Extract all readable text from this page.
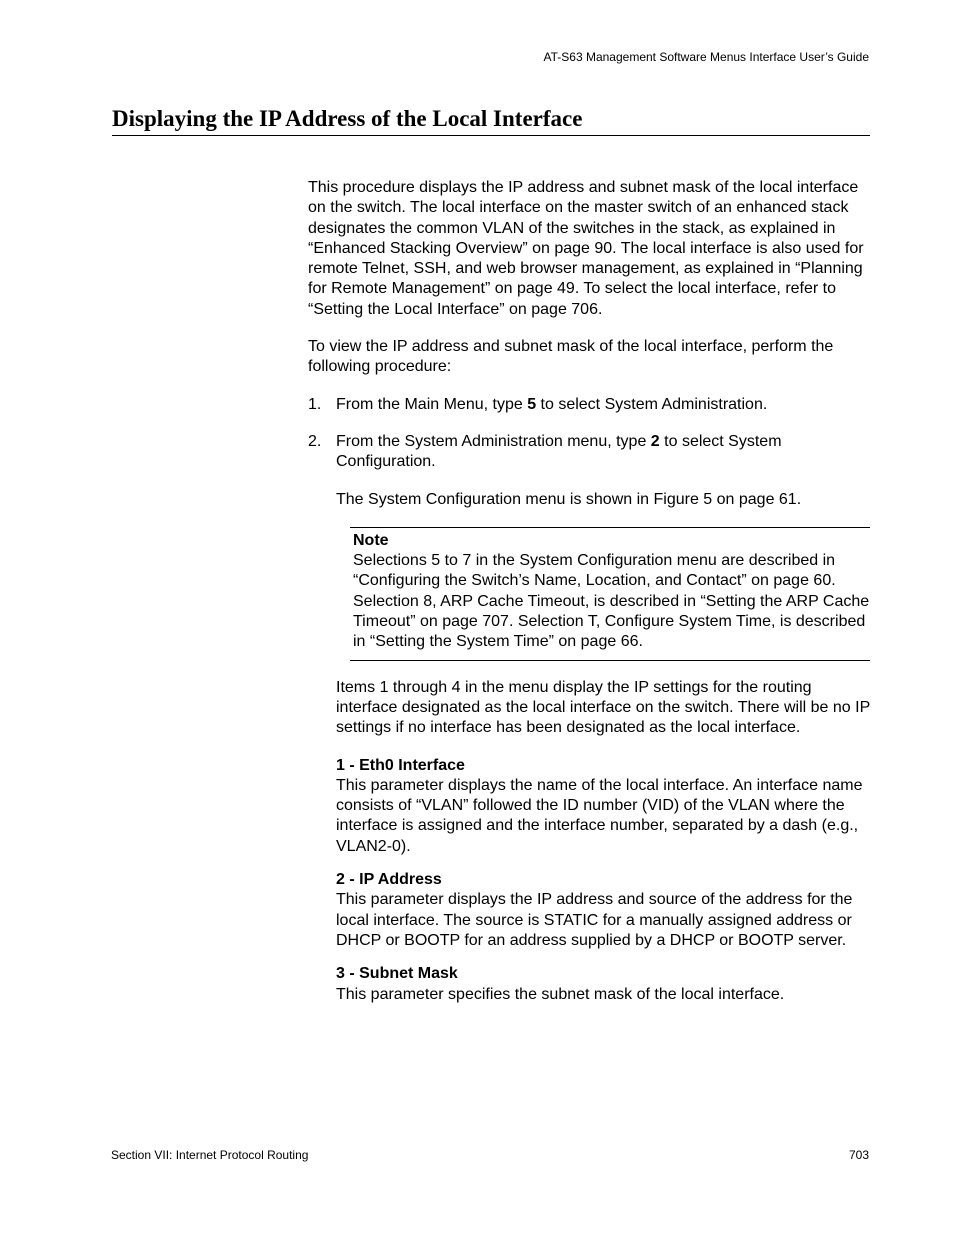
AT-S63 Management Software Menus Interface User’s Guide
Displaying the IP Address of the Local Interface

This procedure displays the IP address and subnet mask of the local interface on the switch. The local interface on the master switch of an enhanced stack designates the common VLAN of the switches in the stack, as explained in “Enhanced Stacking Overview” on page 90. The local interface is also used for remote Telnet, SSH, and web browser management, as explained in “Planning for Remote Management” on page 49. To select the local interface, refer to “Setting the Local Interface” on page 706.

To view the IP address and subnet mask of the local interface, perform the following procedure:

1. From the Main Menu, type 5 to select System Administration.
2. From the System Administration menu, type 2 to select System Configuration.

The System Configuration menu is shown in Figure 5 on page 61.

Note
Selections 5 to 7 in the System Configuration menu are described in “Configuring the Switch’s Name, Location, and Contact” on page 60. Selection 8, ARP Cache Timeout, is described in “Setting the ARP Cache Timeout” on page 707. Selection T, Configure System Time, is described in “Setting the System Time” on page 66.

Items 1 through 4 in the menu display the IP settings for the routing interface designated as the local interface on the switch. There will be no IP settings if no interface has been designated as the local interface.

1 - Eth0 Interface
This parameter displays the name of the local interface. An interface name consists of “VLAN” followed the ID number (VID) of the VLAN where the interface is assigned and the interface number, separated by a dash (e.g., VLAN2-0).
2 - IP Address
This parameter displays the IP address and source of the address for the local interface. The source is STATIC for a manually assigned address or DHCP or BOOTP for an address supplied by a DHCP or BOOTP server.
3 - Subnet Mask
This parameter specifies the subnet mask of the local interface.
Section VII: Internet Protocol Routing	703
